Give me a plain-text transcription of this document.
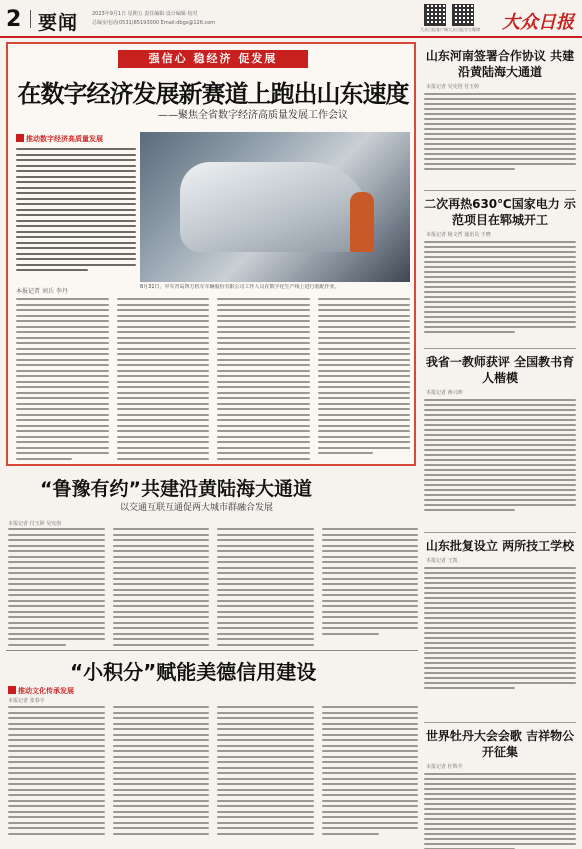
2 要闻	2023年9月1日 星期五 责任编辑 设计编辑 校对
总编室电话(0531)85193000 Email:dbgs@126.com
大众日报客户端 大众日报官方微博 大众日报
强信心 稳经济 促发展
在数字经济发展新赛道上跑出山东速度
——聚焦全省数字经济高质量发展工作会议
推动数字经济高质量发展
8月31日，中车青岛四方机车车辆股份有限公司工作人员在数字化生产线上进行装配作业。
本报记者 刘兵 李丹
山东河南签署合作协议 共建沿黄陆海大通道
本报记者 吴宪创 付玉婷
二次再热630℃国家电力 示范项目在郓城开工
本报记者 杨文哲 通讯员 于晓
我省一教师获评 全国教书育人楷模
本报记者 蒋兴坤
山东批复设立 两所技工学校
本报记者 王凯
世界牡丹大会会歌 吉祥物公开征集
本报记者 杜辉升
“鲁豫有约”共建沿黄陆海大通道
以交通互联互通促两大城市群融合发展
本报记者 付玉婷 吴宪创
“小积分”赋能美德信用建设
推动文化传承发展
本报记者 张春宇
